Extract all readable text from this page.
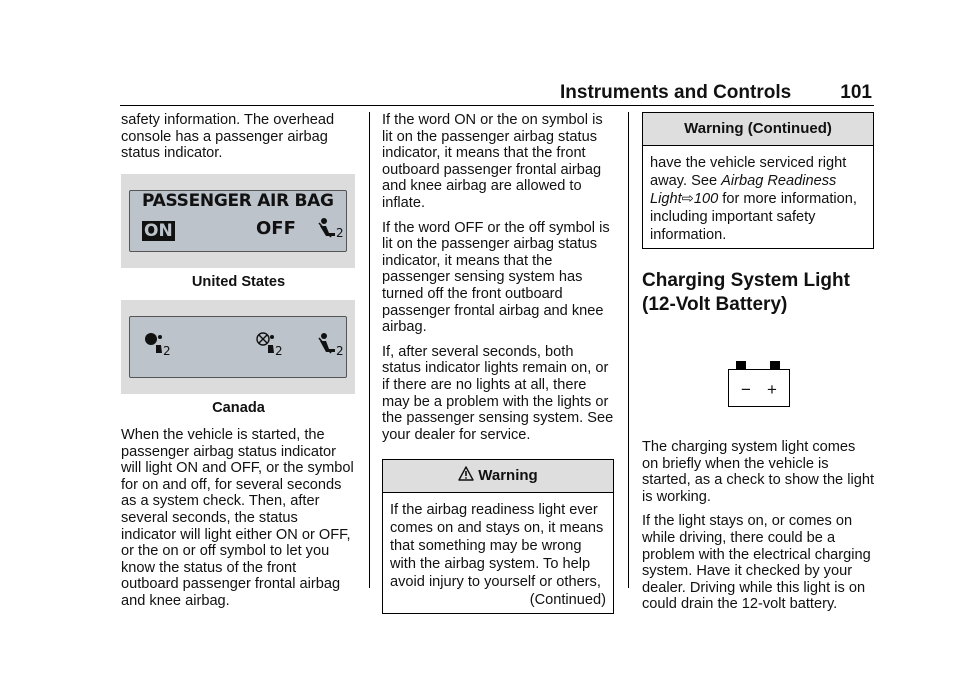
Instruments and Controls	101

safety information. The overhead console has a passenger airbag status indicator.

PASSENGER AIR BAG
ON	OFF	2
United States
2	2	2
Canada

When the vehicle is started, the passenger airbag status indicator will light ON and OFF, or the symbol for on and off, for several seconds as a system check. Then, after several seconds, the status indicator will light either ON or OFF, or the on or off symbol to let you know the status of the front outboard passenger frontal airbag and knee airbag.

If the word ON or the on symbol is lit on the passenger airbag status indicator, it means that the front outboard passenger frontal airbag and knee airbag are allowed to inflate.

If the word OFF or the off symbol is lit on the passenger airbag status indicator, it means that the passenger sensing system has turned off the front outboard passenger frontal airbag and knee airbag.

If, after several seconds, both status indicator lights remain on, or if there are no lights at all, there may be a problem with the lights or the passenger sensing system. See your dealer for service.

Warning
If the airbag readiness light ever comes on and stays on, it means that something may be wrong with the airbag system. To help avoid injury to yourself or others,
(Continued)
Warning (Continued)
have the vehicle serviced right away. See Airbag Readiness Light⇨100 for more information, including important safety information.
Charging System Light
(12-Volt Battery)
− +

The charging system light comes on briefly when the vehicle is started, as a check to show the light is working.

If the light stays on, or comes on while driving, there could be a problem with the electrical charging system. Have it checked by your dealer. Driving while this light is on could drain the 12-volt battery.
